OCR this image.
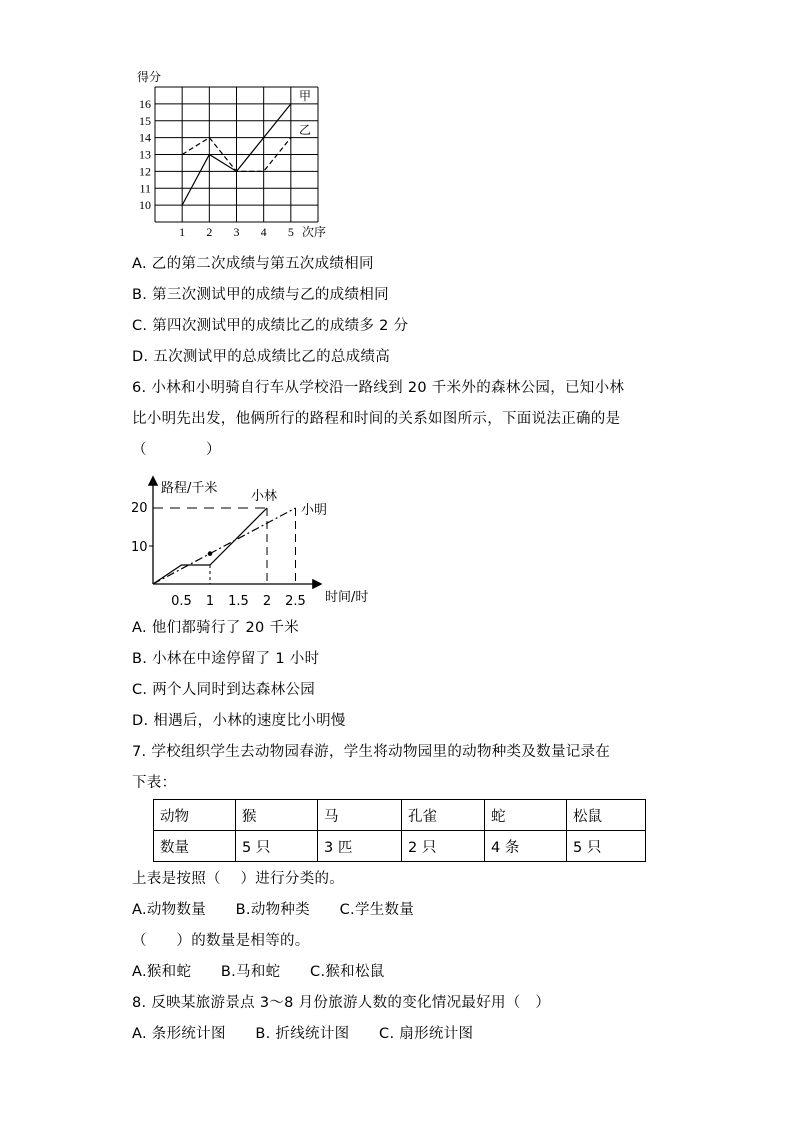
得分
16
15
14
13
12
11
10
1 2 3 4 5 次序
甲
乙
A. 乙的第二次成绩与第五次成绩相同
B. 第三次测试甲的成绩与乙的成绩相同
C. 第四次测试甲的成绩比乙的成绩多 2 分
D. 五次测试甲的总成绩比乙的总成绩高
6. 小林和小明骑自行车从学校沿一路线到 20 千米外的森林公园，已知小林
比小明先出发，他俩所行的路程和时间的关系如图所示，下面说法正确的是
（　　　　）
路程/千米
时间/时
20
10
0.5 1 1.5 2 2.5
小林
小明
A. 他们都骑行了 20 千米
B. 小林在中途停留了 1 小时
C. 两个人同时到达森林公园
D. 相遇后，小林的速度比小明慢
7. 学校组织学生去动物园春游，学生将动物园里的动物种类及数量记录在
下表：
动物	猴	马	孔雀	蛇	松鼠
数量	5 只	3 匹	2 只	4 条	5 只
上表是按照（　 ）进行分类的。
A.动物数量　　B.动物种类　　C.学生数量
（　　）的数量是相等的。
A.猴和蛇　　B.马和蛇　　C.猴和松鼠
8. 反映某旅游景点 3～8 月份旅游人数的变化情况最好用（　）
A. 条形统计图　　B. 折线统计图　　C. 扇形统计图
